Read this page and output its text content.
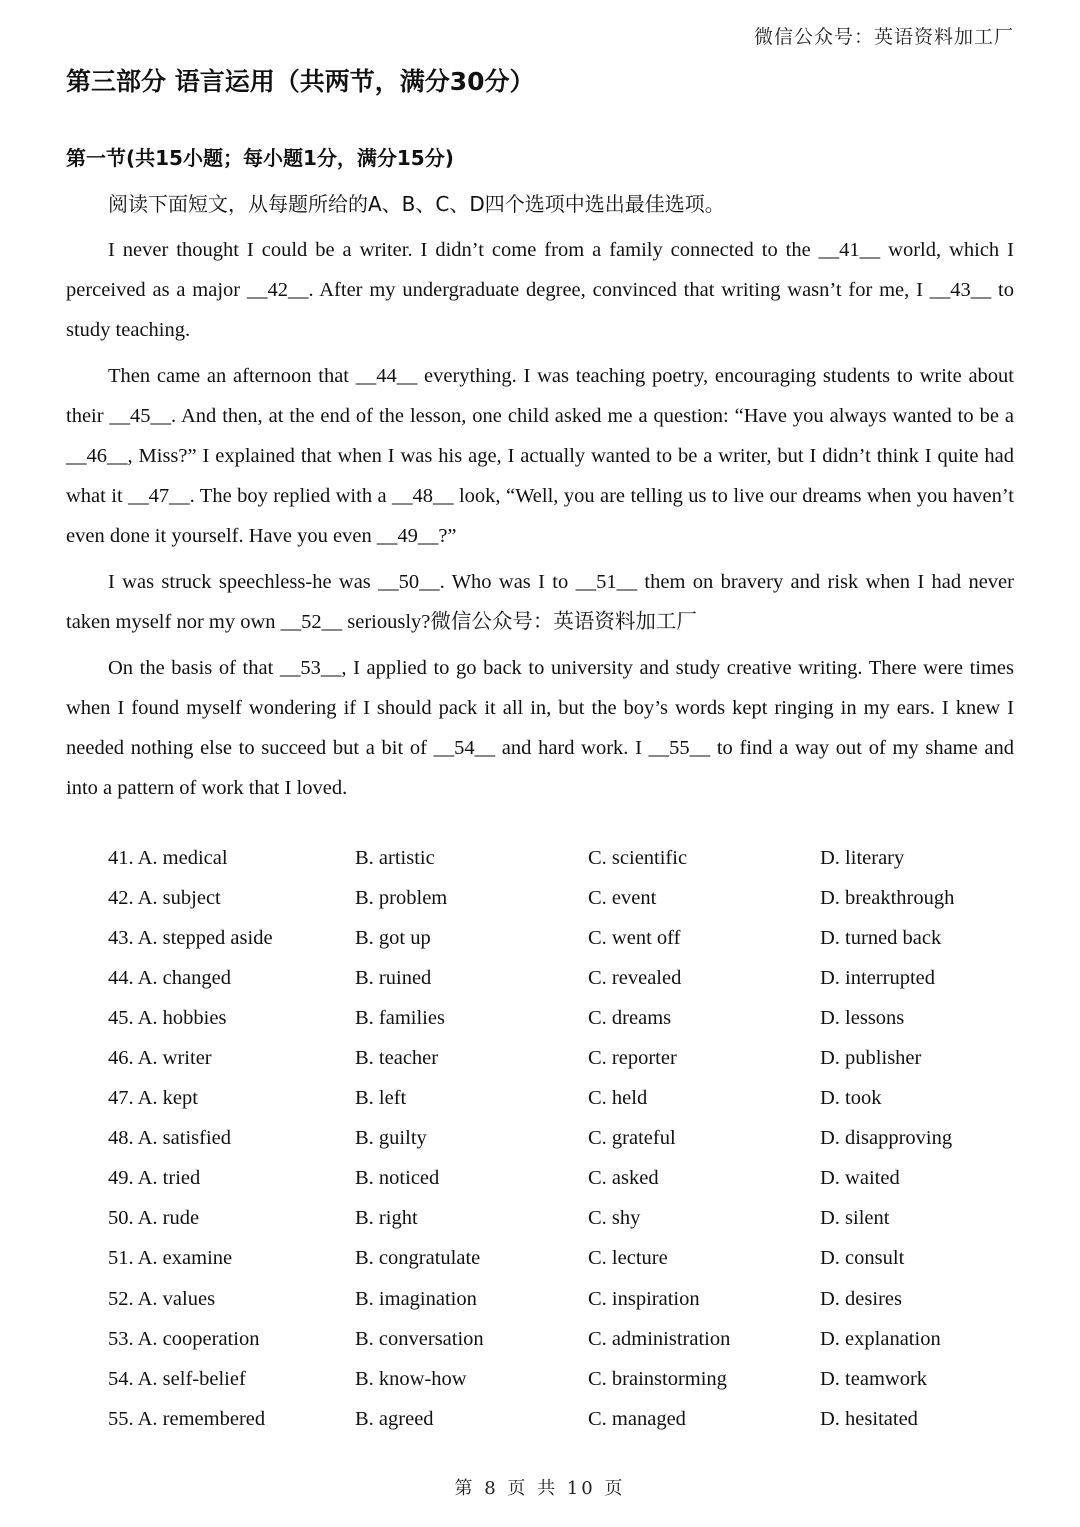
微信公众号：英语资料加工厂
第三部分 语言运用（共两节，满分30分）
第一节(共15小题；每小题1分，满分15分)
阅读下面短文，从每题所给的A、B、C、D四个选项中选出最佳选项。

I never thought I could be a writer. I didn’t come from a family connected to the __41__ world, which I perceived as a major __42__. After my undergraduate degree, convinced that writing wasn’t for me, I __43__ to study teaching.

Then came an afternoon that __44__ everything. I was teaching poetry, encouraging students to write about their __45__. And then, at the end of the lesson, one child asked me a question: “Have you always wanted to be a __46__, Miss?” I explained that when I was his age, I actually wanted to be a writer, but I didn’t think I quite had what it __47__. The boy replied with a __48__ look, “Well, you are telling us to live our dreams when you haven’t even done it yourself. Have you even __49__?”

I was struck speechless-he was __50__. Who was I to __51__ them on bravery and risk when I had never taken myself nor my own __52__ seriously?微信公众号：英语资料加工厂

On the basis of that __53__, I applied to go back to university and study creative writing. There were times when I found myself wondering if I should pack it all in, but the boy’s words kept ringing in my ears. I knew I needed nothing else to succeed but a bit of __54__ and hard work. I __55__ to find a way out of my shame and into a pattern of work that I loved.

41. A. medical	B. artistic	C. scientific	D. literary
42. A. subject	B. problem	C. event	D. breakthrough
43. A. stepped aside	B. got up	C. went off	D. turned back
44. A. changed	B. ruined	C. revealed	D. interrupted
45. A. hobbies	B. families	C. dreams	D. lessons
46. A. writer	B. teacher	C. reporter	D. publisher
47. A. kept	B. left	C. held	D. took
48. A. satisfied	B. guilty	C. grateful	D. disapproving
49. A. tried	B. noticed	C. asked	D. waited
50. A. rude	B. right	C. shy	D. silent
51. A. examine	B. congratulate	C. lecture	D. consult
52. A. values	B. imagination	C. inspiration	D. desires
53. A. cooperation	B. conversation	C. administration	D. explanation
54. A. self-belief	B. know-how	C. brainstorming	D. teamwork
55. A. remembered	B. agreed	C. managed	D. hesitated
第 8 页 共 10 页
